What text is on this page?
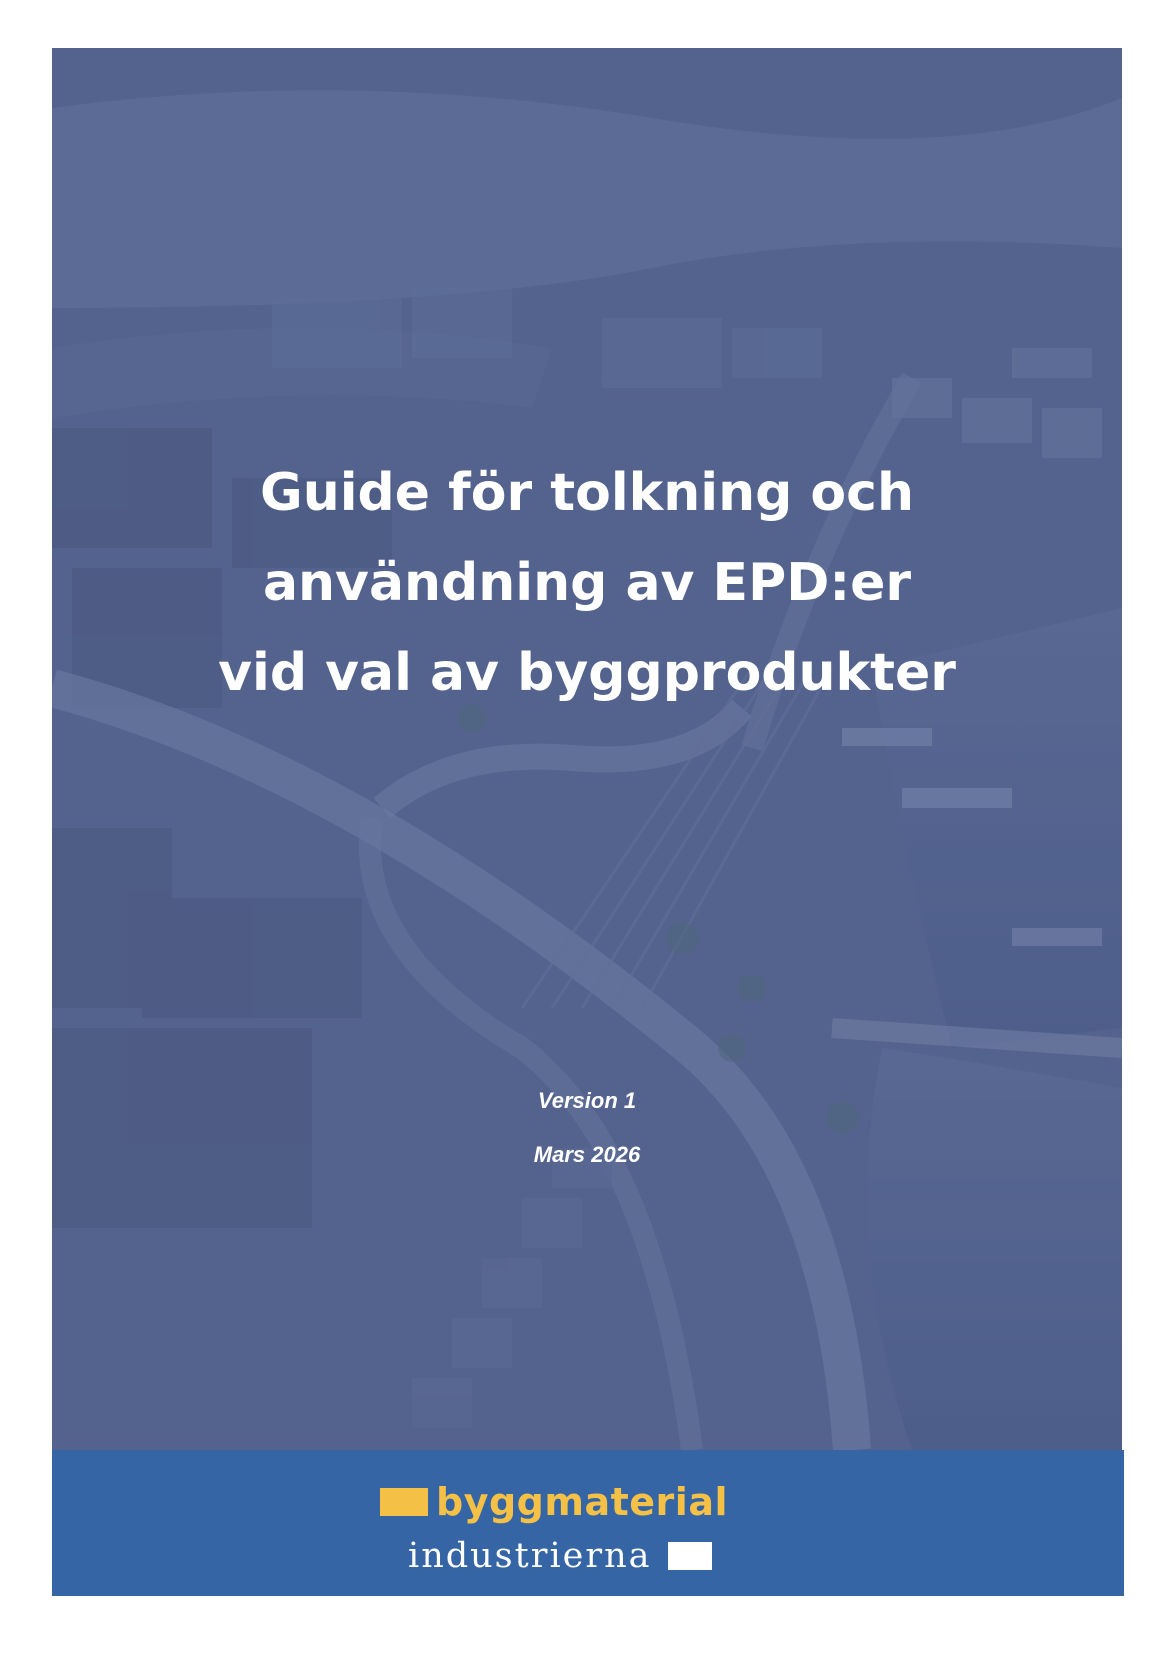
Guide för tolkning och
användning av EPD:er
vid val av byggprodukter
Version 1
Mars 2026
byggmaterial
industrierna
